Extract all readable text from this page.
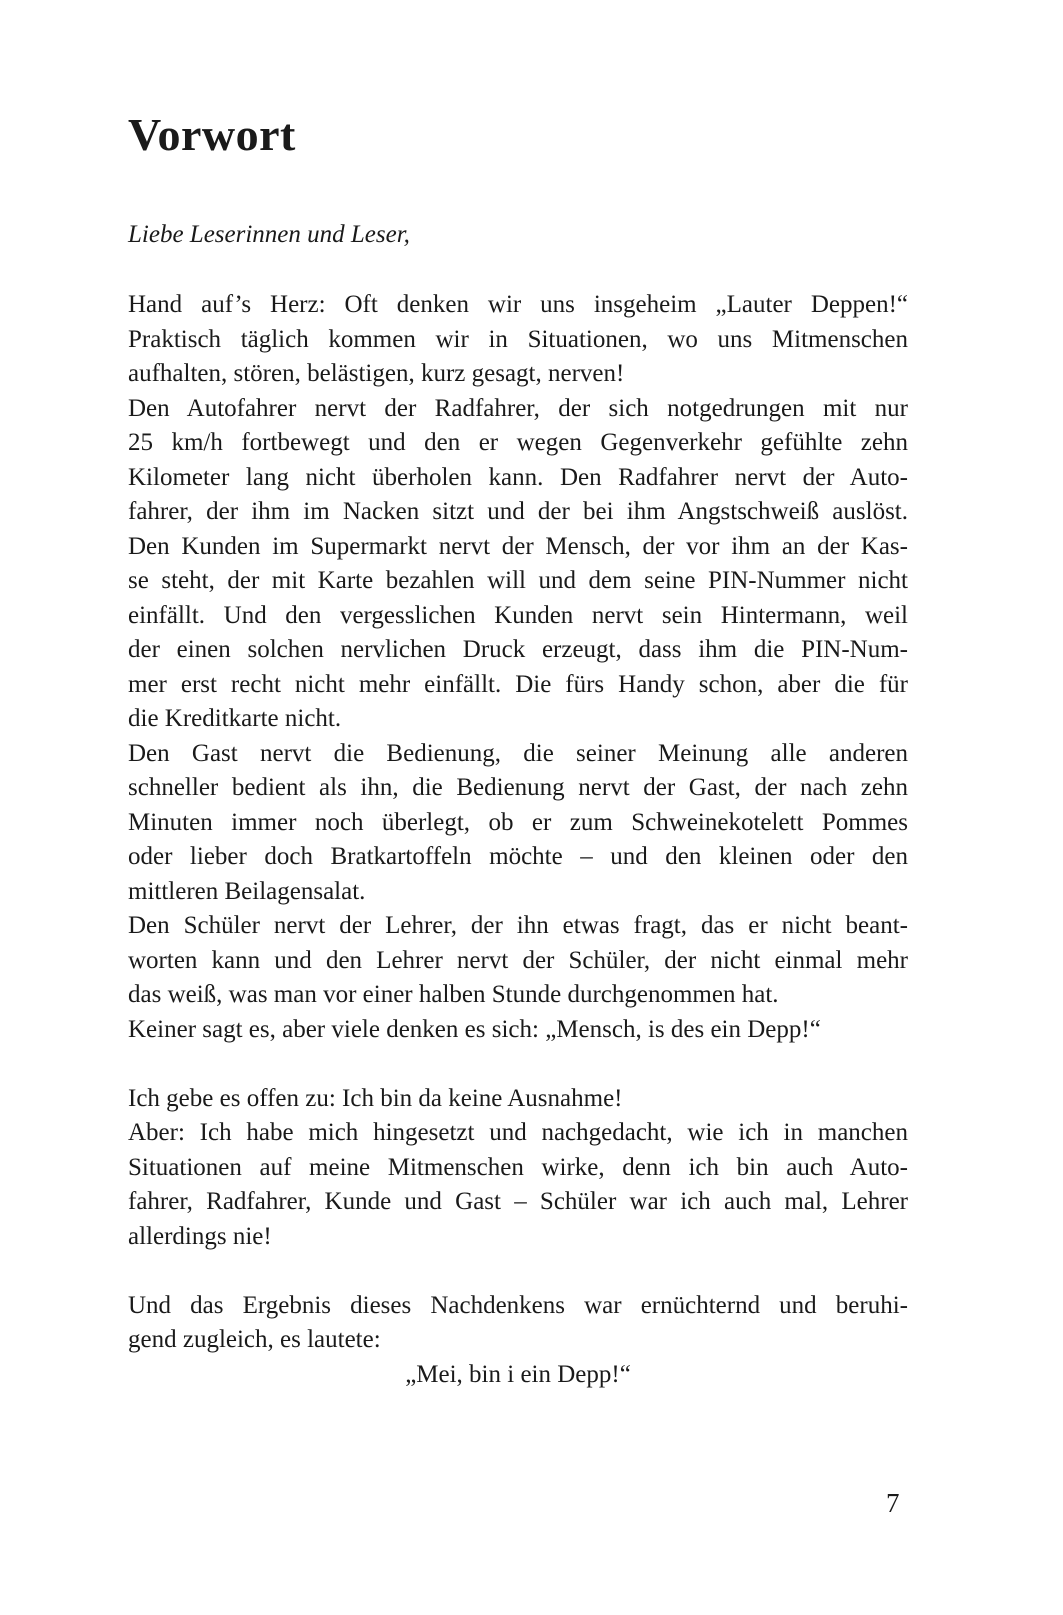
Vorwort
Liebe Leserinnen und Leser,
Hand auf’s Herz: Oft denken wir uns insgeheim „Lauter Deppen!“
Praktisch täglich kommen wir in Situationen, wo uns Mitmenschen
aufhalten, stören, belästigen, kurz gesagt, nerven!
Den Autofahrer nervt der Radfahrer, der sich notgedrungen mit nur
25 km/h fortbewegt und den er wegen Gegenverkehr gefühlte zehn
Kilometer lang nicht überholen kann. Den Radfahrer nervt der Auto-
fahrer, der ihm im Nacken sitzt und der bei ihm Angstschweiß auslöst.
Den Kunden im Supermarkt nervt der Mensch, der vor ihm an der Kas-
se steht, der mit Karte bezahlen will und dem seine PIN-Nummer nicht
einfällt. Und den vergesslichen Kunden nervt sein Hintermann, weil
der einen solchen nervlichen Druck erzeugt, dass ihm die PIN-Num-
mer erst recht nicht mehr einfällt. Die fürs Handy schon, aber die für
die Kreditkarte nicht.
Den Gast nervt die Bedienung, die seiner Meinung alle anderen
schneller bedient als ihn, die Bedienung nervt der Gast, der nach zehn
Minuten immer noch überlegt, ob er zum Schweinekotelett Pommes
oder lieber doch Bratkartoffeln möchte – und den kleinen oder den
mittleren Beilagensalat.
Den Schüler nervt der Lehrer, der ihn etwas fragt, das er nicht beant-
worten kann und den Lehrer nervt der Schüler, der nicht einmal mehr
das weiß, was man vor einer halben Stunde durchgenommen hat.
Keiner sagt es, aber viele denken es sich: „Mensch, is des ein Depp!“
Ich gebe es offen zu: Ich bin da keine Ausnahme!
Aber: Ich habe mich hingesetzt und nachgedacht, wie ich in manchen
Situationen auf meine Mitmenschen wirke, denn ich bin auch Auto-
fahrer, Radfahrer, Kunde und Gast – Schüler war ich auch mal, Lehrer
allerdings nie!
Und das Ergebnis dieses Nachdenkens war ernüchternd und beruhi-
gend zugleich, es lautete:
„Mei, bin i ein Depp!“
7
